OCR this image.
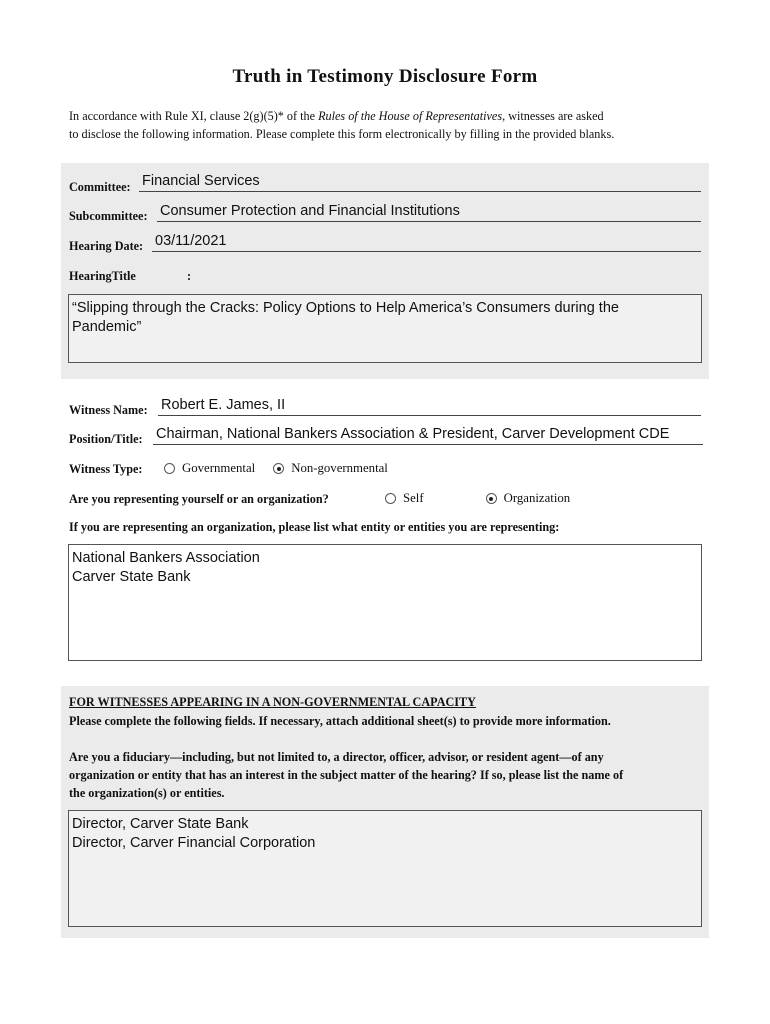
Truth in Testimony Disclosure Form

In accordance with Rule XI, clause 2(g)(5)* of the Rules of the House of Representatives, witnesses are asked

to disclose the following information. Please complete this form electronically by filling in the provided blanks.

Committee: Financial Services
Subcommittee: Consumer Protection and Financial Institutions
Hearing Date: 03/11/2021
HearingTitle	:
“Slipping through the Cracks: Policy Options to Help America’s Consumers during the
Pandemic”
Witness Name: Robert E. James, II
Position/Title: Chairman, National Bankers Association & President, Carver Development CDE
Witness Type:	Governmental	Non-governmental
Are you representing yourself or an organization?	Self	Organization
If you are representing an organization, please list what entity or entities you are representing:
National Bankers Association
Carver State Bank
FOR WITNESSES APPEARING IN A NON-GOVERNMENTAL CAPACITY
Please complete the following fields. If necessary, attach additional sheet(s) to provide more information.
Are you a fiduciary—including, but not limited to, a director, officer, advisor, or resident agent—of any
organization or entity that has an interest in the subject matter of the hearing? If so, please list the name of
the organization(s) or entities.
Director, Carver State Bank
Director, Carver Financial Corporation
